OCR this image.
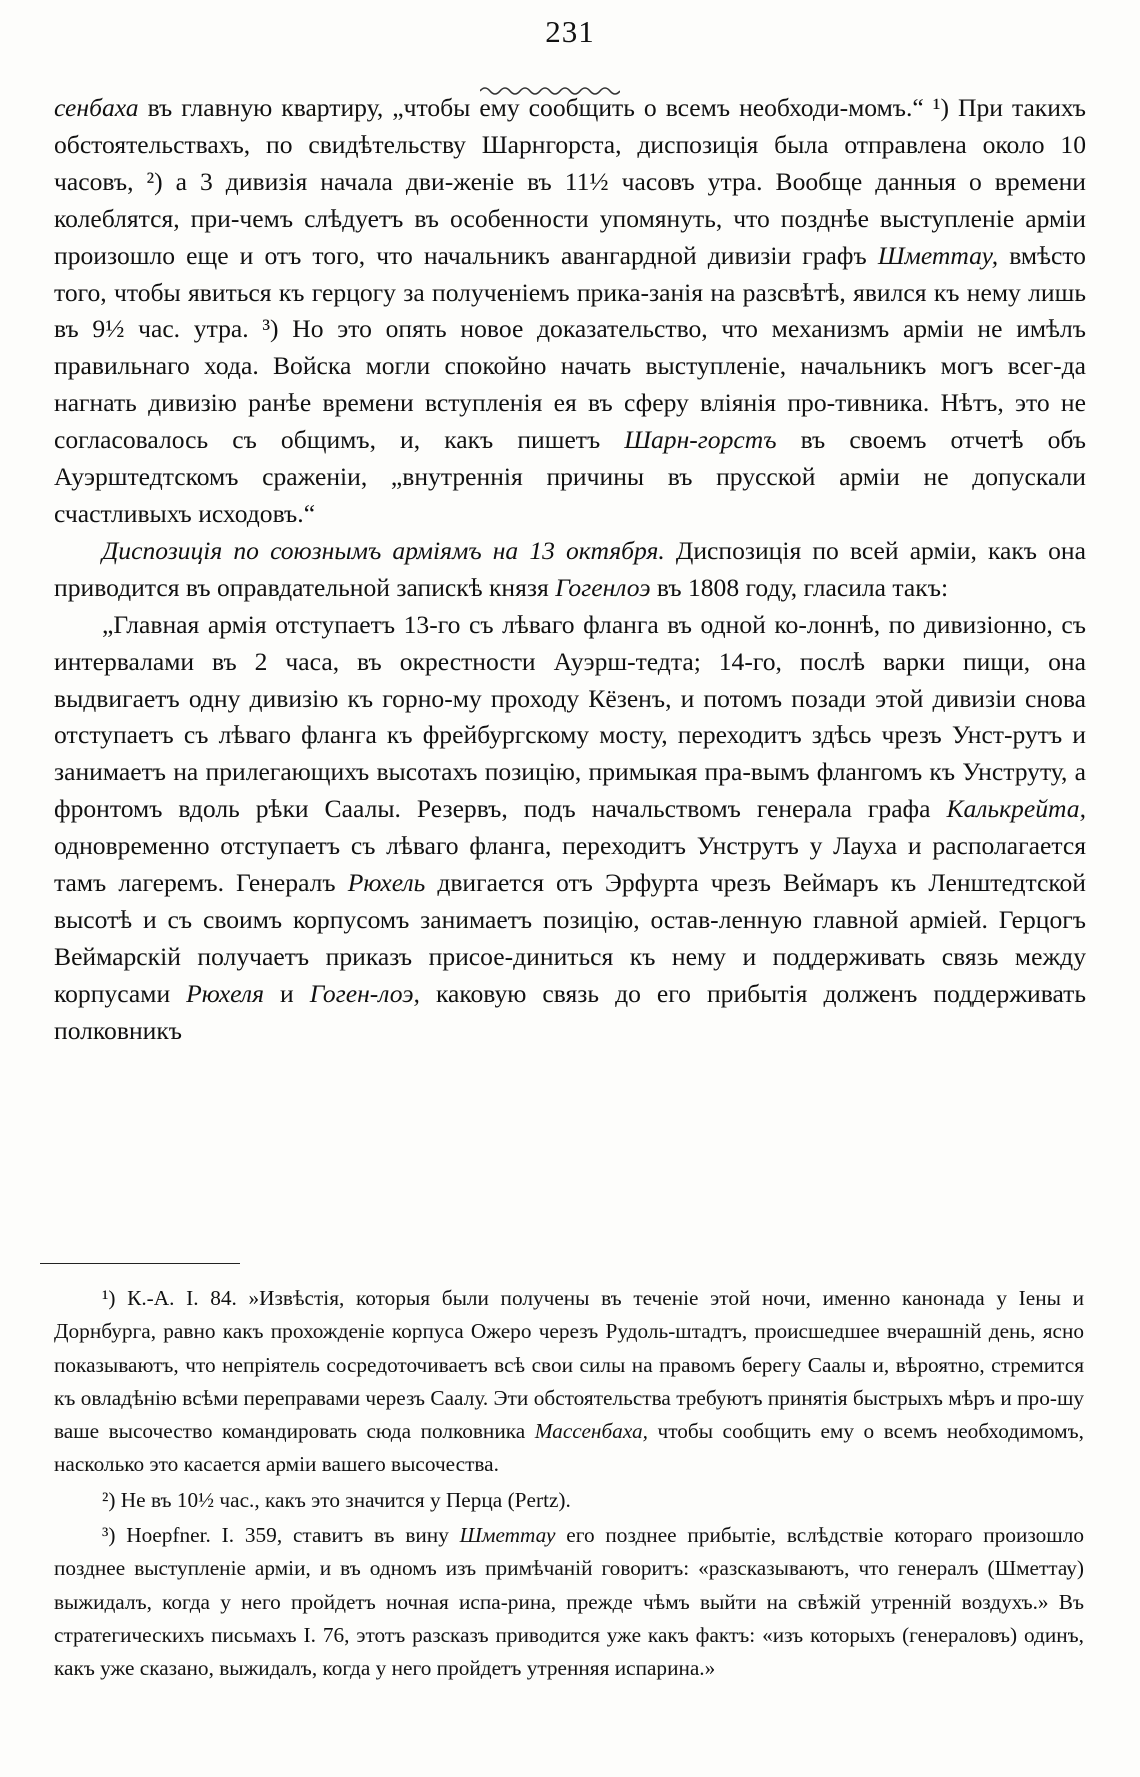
231

сенбаха въ главную квартиру, „чтобы ему сообщить о всемъ необходи-момъ.“ ¹) При такихъ обстоятельствахъ, по свидѣтельству Шарнгорста, диспозиція была отправлена около 10 часовъ, ²) а 3 дивизія начала дви-женіе въ 11½ часовъ утра. Вообще данныя о времени колеблятся, при-чемъ слѣдуетъ въ особенности упомянуть, что позднѣе выступленіе арміи произошло еще и отъ того, что начальникъ авангардной дивизіи графъ Шметтау, вмѣсто того, чтобы явиться къ герцогу за полученіемъ прика-занія на разсвѣтѣ, явился къ нему лишь въ 9½ час. утра. ³) Но это опять новое доказательство, что механизмъ арміи не имѣлъ правильнаго хода. Войска могли спокойно начать выступленіе, начальникъ могъ всег-да нагнать дивизію ранѣе времени вступленія ея въ сферу вліянія про-тивника. Нѣтъ, это не согласовалось съ общимъ, и, какъ пишетъ Шарн-горстъ въ своемъ отчетѣ объ Ауэрштедтскомъ сраженіи, „внутреннія причины въ прусской арміи не допускали счастливыхъ исходовъ.“

Диспозиція по союзнымъ арміямъ на 13 октября. Диспозиція по всей арміи, какъ она приводится въ оправдательной запискѣ князя Гогенлоэ въ 1808 году, гласила такъ:

„Главная армія отступаетъ 13-го съ лѣваго фланга въ одной ко-лоннѣ, по дивизіонно, съ интервалами въ 2 часа, въ окрестности Ауэрш-тедта; 14-го, послѣ варки пищи, она выдвигаетъ одну дивизію къ горно-му проходу Кёзенъ, и потомъ позади этой дивизіи снова отступаетъ съ лѣваго фланга къ фрейбургскому мосту, переходитъ здѣсь чрезъ Унст-рутъ и занимаетъ на прилегающихъ высотахъ позицію, примыкая пра-вымъ флангомъ къ Унструту, а фронтомъ вдоль рѣки Саалы. Резервъ, подъ начальствомъ генерала графа Калькрейта, одновременно отступаетъ съ лѣваго фланга, переходитъ Унструтъ у Лауха и располагается тамъ лагеремъ. Генералъ Рюхель двигается отъ Эрфурта чрезъ Веймаръ къ Ленштедтской высотѣ и съ своимъ корпусомъ занимаетъ позицію, остав-ленную главной арміей. Герцогъ Веймарскій получаетъ приказъ присое-диниться къ нему и поддерживать связь между корпусами Рюхеля и Гоген-лоэ, каковую связь до его прибытія долженъ поддерживать полковникъ

¹) К.-А. I. 84. »Извѣстія, которыя были получены въ теченіе этой ночи, именно канонада у Іены и Дорнбурга, равно какъ прохожденіе корпуса Ожеро черезъ Рудоль-штадтъ, происшедшее вчерашній день, ясно показываютъ, что непріятель сосредоточиваетъ всѣ свои силы на правомъ берегу Саалы и, вѣроятно, стремится къ овладѣнію всѣми переправами черезъ Саалу. Эти обстоятельства требуютъ принятія быстрыхъ мѣръ и про-шу ваше высочество командировать сюда полковника Массенбаха, чтобы сообщить ему о всемъ необходимомъ, насколько это касается арміи вашего высочества.

²) Не въ 10½ час., какъ это значится у Перца (Pertz).

³) Hoepfner. I. 359, ставитъ въ вину Шметтау его позднее прибытіе, вслѣдствіе котораго произошло позднее выступленіе арміи, и въ одномъ изъ примѣчаній говоритъ: «разсказываютъ, что генералъ (Шметтау) выжидалъ, когда у него пройдетъ ночная испа-рина, прежде чѣмъ выйти на свѣжій утренній воздухъ.» Въ стратегическихъ письмахъ I. 76, этотъ разсказъ приводится уже какъ фактъ: «изъ которыхъ (генераловъ) одинъ, какъ уже сказано, выжидалъ, когда у него пройдетъ утренняя испарина.»
